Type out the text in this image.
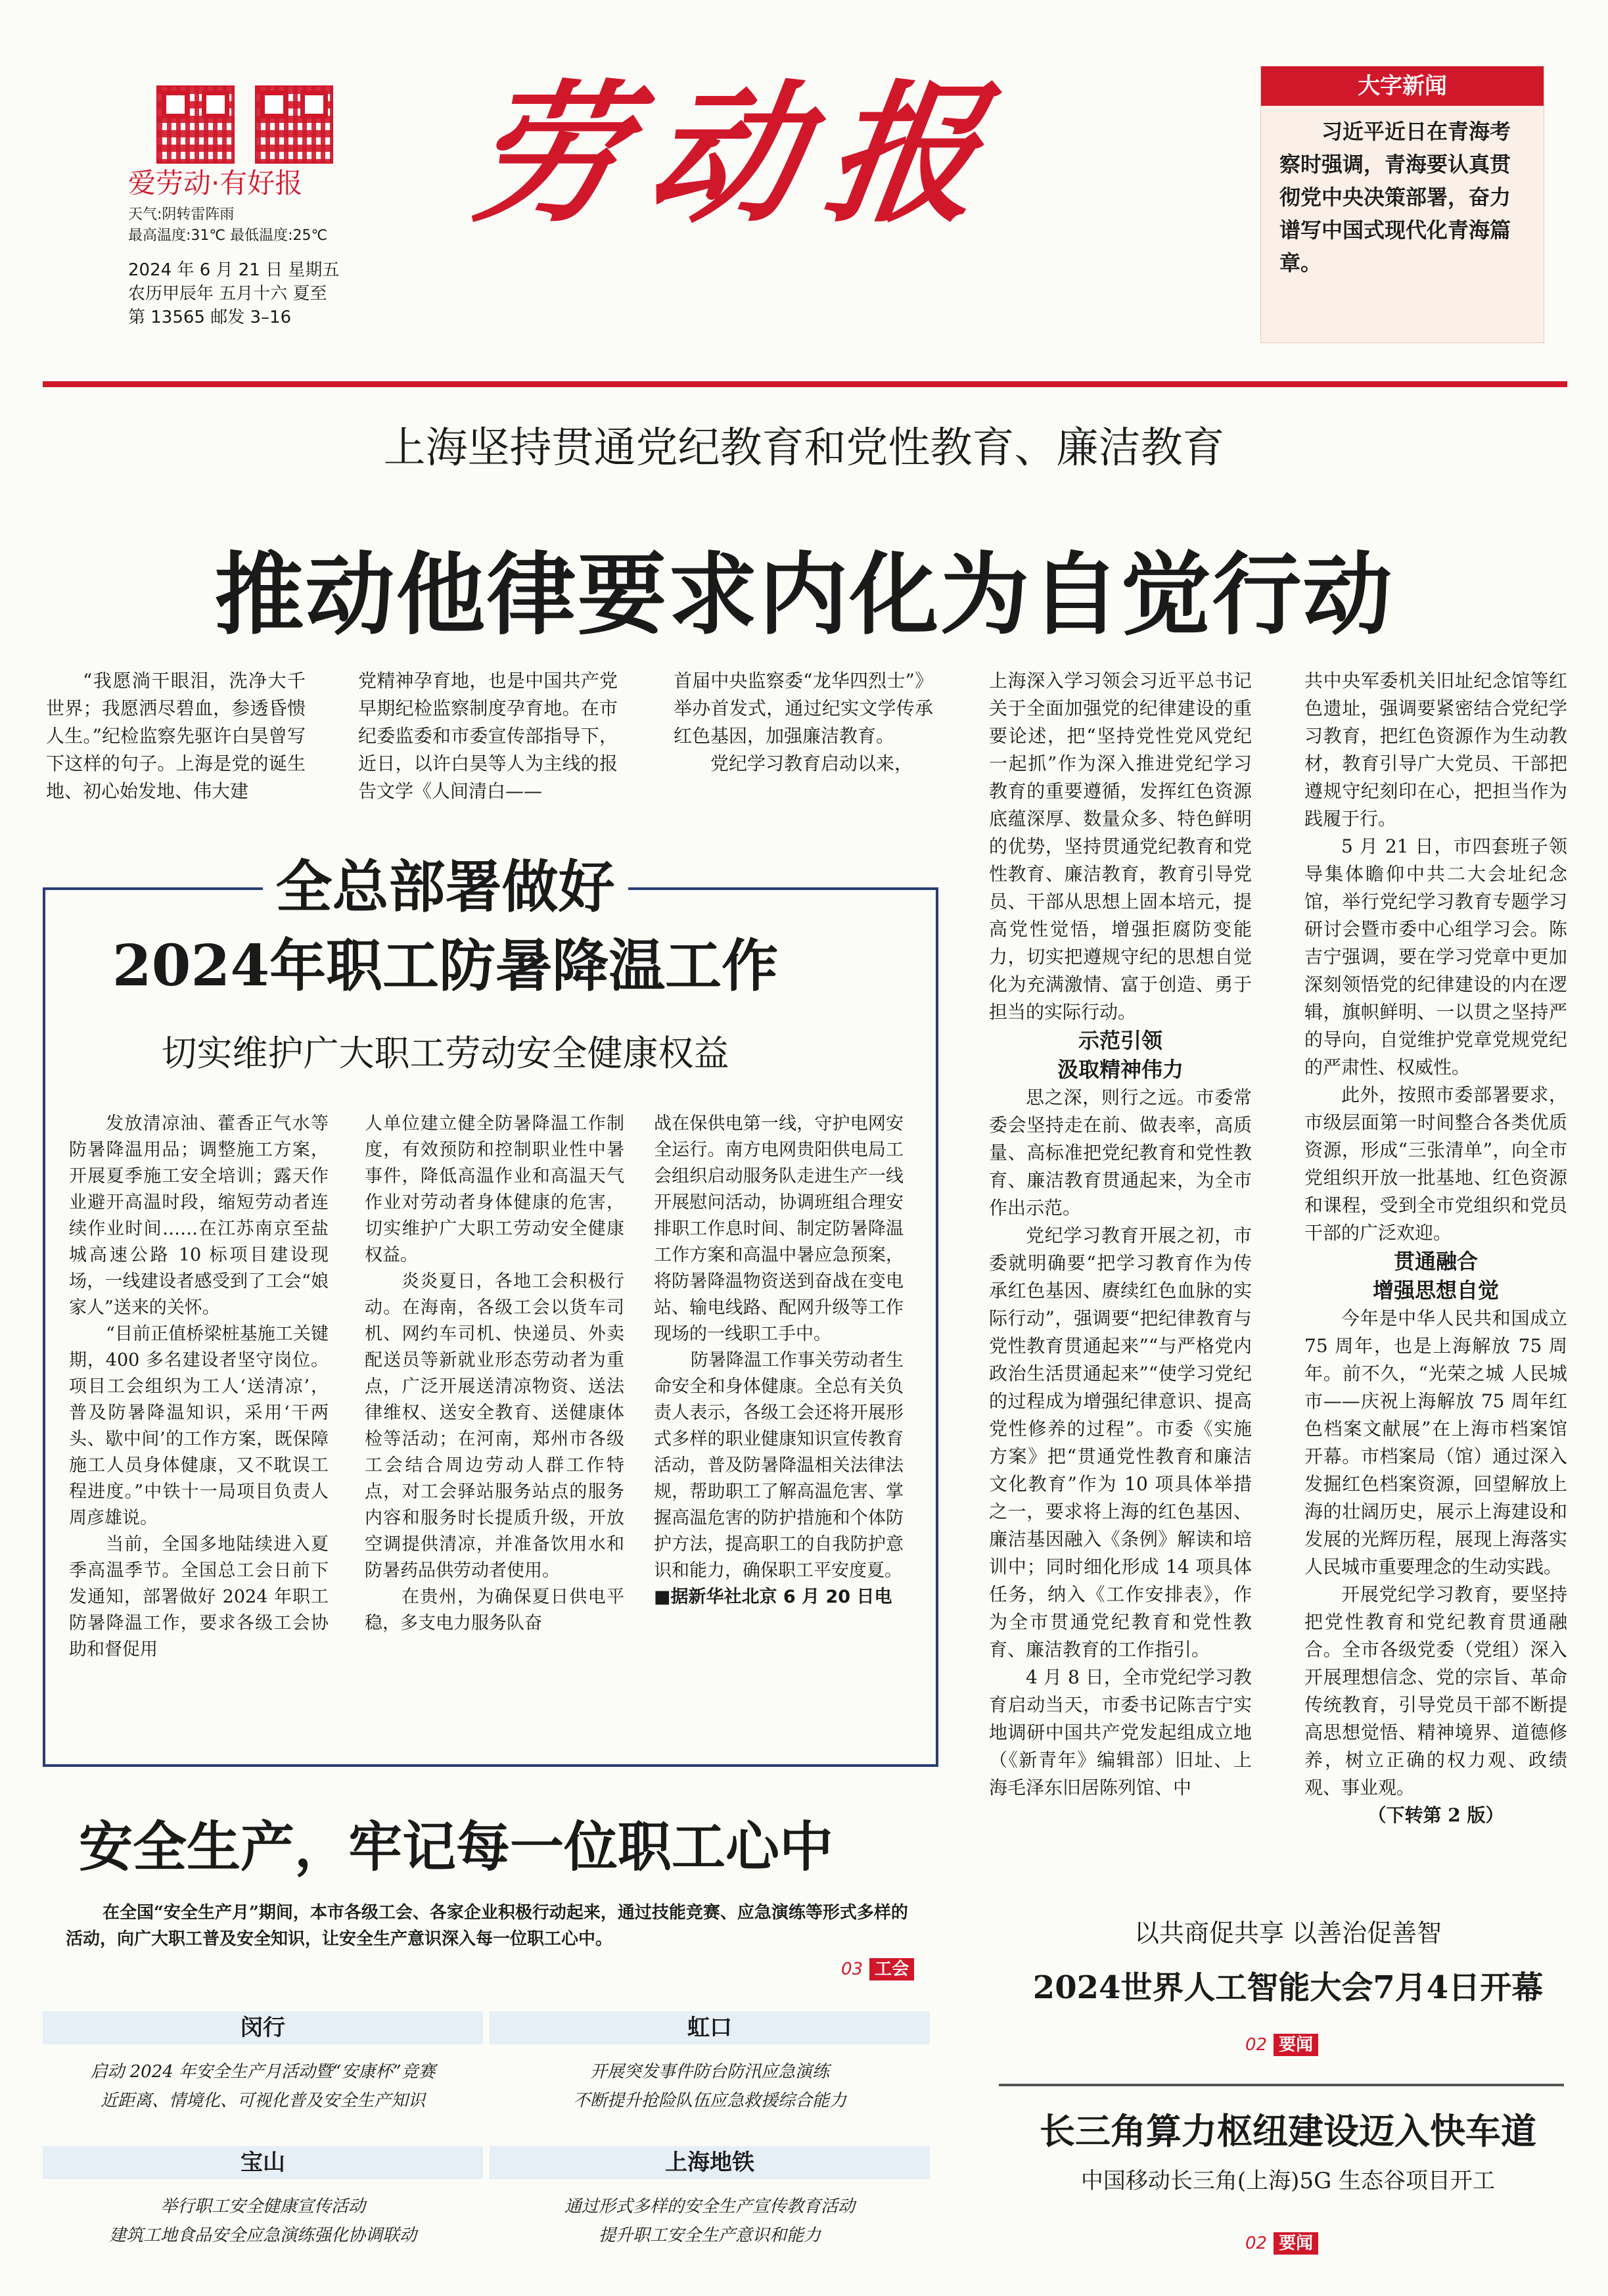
爱劳动·有好报
天气:阴转雷阵雨
最高温度:31℃ 最低温度:25℃
2024 年 6 月 21 日 星期五
农历甲辰年 五月十六 夏至
第 13565 邮发 3–16
劳动报	大字新闻
习近平近日在青海考察时强调，青海要认真贯彻党中央决策部署，奋力谱写中国式现代化青海篇章。
上海坚持贯通党纪教育和党性教育、廉洁教育
推动他律要求内化为自觉行动

“我愿淌干眼泪，洗净大千世界；我愿洒尽碧血，参透昏愦人生。”纪检监察先驱许白昊曾写下这样的句子。上海是党的诞生地、初心始发地、伟大建

党精神孕育地，也是中国共产党早期纪检监察制度孕育地。在市纪委监委和市委宣传部指导下，近日，以许白昊等人为主线的报告文学《人间清白——

首届中央监察委“龙华四烈士”》举办首发式，通过纪实文学传承红色基因，加强廉洁教育。

党纪学习教育启动以来，

上海深入学习领会习近平总书记关于全面加强党的纪律建设的重要论述，把“坚持党性党风党纪一起抓”作为深入推进党纪学习教育的重要遵循，发挥红色资源底蕴深厚、数量众多、特色鲜明的优势，坚持贯通党纪教育和党性教育、廉洁教育，教育引导党员、干部从思想上固本培元，提高党性觉悟，增强拒腐防变能力，切实把遵规守纪的思想自觉化为充满激情、富于创造、勇于担当的实际行动。

示范引领
汲取精神伟力

思之深，则行之远。市委常委会坚持走在前、做表率，高质量、高标准把党纪教育和党性教育、廉洁教育贯通起来，为全市作出示范。

党纪学习教育开展之初，市委就明确要“把学习教育作为传承红色基因、赓续红色血脉的实际行动”，强调要“把纪律教育与党性教育贯通起来”“与严格党内政治生活贯通起来”“使学习党纪的过程成为增强纪律意识、提高党性修养的过程”。市委《实施方案》把“贯通党性教育和廉洁文化教育”作为 10 项具体举措之一，要求将上海的红色基因、廉洁基因融入《条例》解读和培训中；同时细化形成 14 项具体任务，纳入《工作安排表》，作为全市贯通党纪教育和党性教育、廉洁教育的工作指引。

4 月 8 日，全市党纪学习教育启动当天，市委书记陈吉宁实地调研中国共产党发起组成立地（《新青年》编辑部）旧址、上海毛泽东旧居陈列馆、中

共中央军委机关旧址纪念馆等红色遗址，强调要紧密结合党纪学习教育，把红色资源作为生动教材，教育引导广大党员、干部把遵规守纪刻印在心，把担当作为践履于行。

5 月 21 日，市四套班子领导集体瞻仰中共二大会址纪念馆，举行党纪学习教育专题学习研讨会暨市委中心组学习会。陈吉宁强调，要在学习党章中更加深刻领悟党的纪律建设的内在逻辑，旗帜鲜明、一以贯之坚持严的导向，自觉维护党章党规党纪的严肃性、权威性。

此外，按照市委部署要求，市级层面第一时间整合各类优质资源，形成“三张清单”，向全市党组织开放一批基地、红色资源和课程，受到全市党组织和党员干部的广泛欢迎。

贯通融合
增强思想自觉

今年是中华人民共和国成立 75 周年，也是上海解放 75 周年。前不久，“光荣之城 人民城市——庆祝上海解放 75 周年红色档案文献展”在上海市档案馆开幕。市档案局（馆）通过深入发掘红色档案资源，回望解放上海的壮阔历史，展示上海建设和发展的光辉历程，展现上海落实人民城市重要理念的生动实践。

开展党纪学习教育，要坚持把党性教育和党纪教育贯通融合。全市各级党委（党组）深入开展理想信念、党的宗旨、革命传统教育，引导党员干部不断提高思想觉悟、精神境界、道德修养，树立正确的权力观、政绩观、事业观。

（下转第 2 版）

全总部署做好
2024年职工防暑降温工作
切实维护广大职工劳动安全健康权益

发放清凉油、藿香正气水等防暑降温用品；调整施工方案，开展夏季施工安全培训；露天作业避开高温时段，缩短劳动者连续作业时间……在江苏南京至盐城高速公路 10 标项目建设现场，一线建设者感受到了工会“娘家人”送来的关怀。

“目前正值桥梁桩基施工关键期，400 多名建设者坚守岗位。项目工会组织为工人‘送清凉’，普及防暑降温知识，采用‘干两头、歇中间’的工作方案，既保障施工人员身体健康，又不耽误工程进度。”中铁十一局项目负责人周彦雄说。

当前，全国多地陆续进入夏季高温季节。全国总工会日前下发通知，部署做好 2024 年职工防暑降温工作，要求各级工会协助和督促用

人单位建立健全防暑降温工作制度，有效预防和控制职业性中暑事件，降低高温作业和高温天气作业对劳动者身体健康的危害，切实维护广大职工劳动安全健康权益。

炎炎夏日，各地工会积极行动。在海南，各级工会以货车司机、网约车司机、快递员、外卖配送员等新就业形态劳动者为重点，广泛开展送清凉物资、送法律维权、送安全教育、送健康体检等活动；在河南，郑州市各级工会结合周边劳动人群工作特点，对工会驿站服务站点的服务内容和服务时长提质升级，开放空调提供清凉，并准备饮用水和防暑药品供劳动者使用。

在贵州，为确保夏日供电平稳，多支电力服务队奋

战在保供电第一线，守护电网安全运行。南方电网贵阳供电局工会组织启动服务队走进生产一线开展慰问活动，协调班组合理安排职工作息时间、制定防暑降温工作方案和高温中暑应急预案，将防暑降温物资送到奋战在变电站、输电线路、配网升级等工作现场的一线职工手中。

防暑降温工作事关劳动者生命安全和身体健康。全总有关负责人表示，各级工会还将开展形式多样的职业健康知识宣传教育活动，普及防暑降温相关法律法规，帮助职工了解高温危害、掌握高温危害的防护措施和个体防护方法，提高职工的自我防护意识和能力，确保职工平安度夏。

■据新华社北京 6 月 20 日电

安全生产，牢记每一位职工心中
在全国“安全生产月”期间，本市各级工会、各家企业积极行动起来，通过技能竞赛、应急演练等形式多样的活动，向广大职工普及安全知识，让安全生产意识深入每一位职工心中。
03 工会
闵行
启动 2024 年安全生产月活动暨“安康杯”竞赛
近距离、情境化、可视化普及安全生产知识
虹口
开展突发事件防台防汛应急演练
不断提升抢险队伍应急救援综合能力
宝山
举行职工安全健康宣传活动
建筑工地食品安全应急演练强化协调联动
上海地铁
通过形式多样的安全生产宣传教育活动
提升职工安全生产意识和能力
以共商促共享 以善治促善智
2024世界人工智能大会7月4日开幕
02 要闻
长三角算力枢纽建设迈入快车道
中国移动长三角(上海)5G 生态谷项目开工
02 要闻
